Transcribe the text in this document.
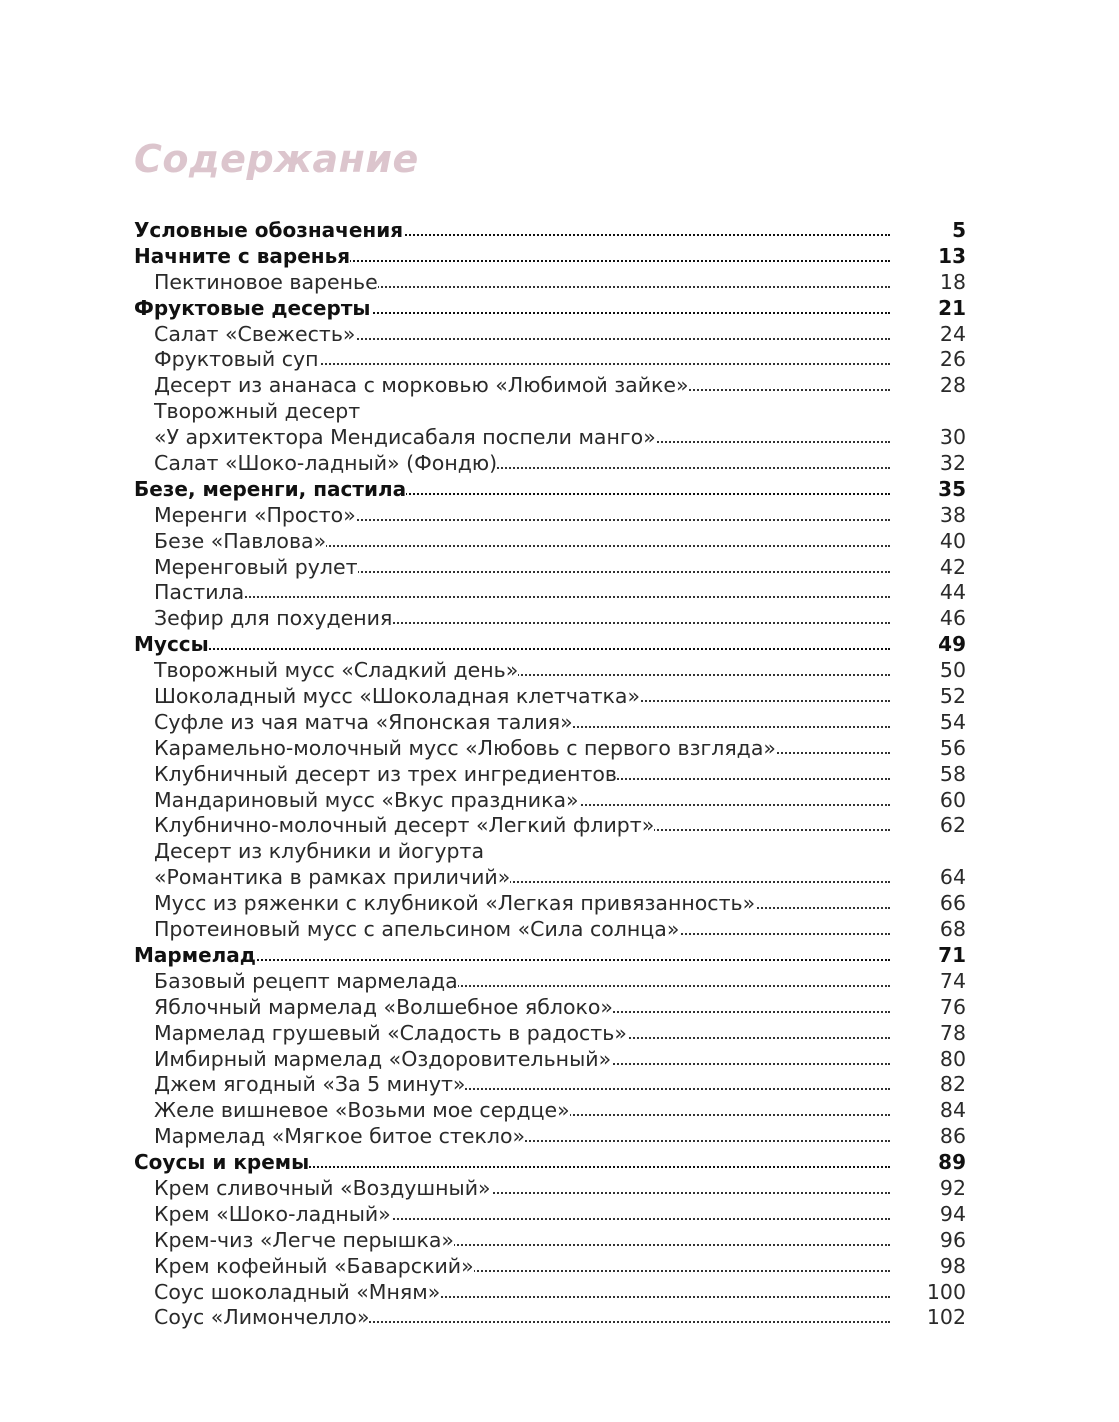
Содержание
Условные обозначения	5
Начните с варенья	13
Пектиновое варенье	18
Фруктовые десерты	21
Салат «Свежесть»	24
Фруктовый суп	26
Десерт из ананаса с морковью «Любимой зайке»	28
Творожный десерт
«У архитектора Мендисабаля поспели манго»	30
Салат «Шоко-ладный» (Фондю)	32
Безе, меренги, пастила	35
Меренги «Просто»	38
Безе «Павлова»	40
Меренговый рулет	42
Пастила	44
Зефир для похудения	46
Муссы	49
Творожный мусс «Сладкий день»	50
Шоколадный мусс «Шоколадная клетчатка»	52
Суфле из чая матча «Японская талия»	54
Карамельно-молочный мусс «Любовь с первого взгляда»	56
Клубничный десерт из трех ингредиентов	58
Мандариновый мусс «Вкус праздника»	60
Клубнично-молочный десерт «Легкий флирт»	62
Десерт из клубники и йогурта
«Романтика в рамках приличий»	64
Мусс из ряженки с клубникой «Легкая привязанность»	66
Протеиновый мусс с апельсином «Сила солнца»	68
Мармелад	71
Базовый рецепт мармелада	74
Яблочный мармелад «Волшебное яблоко»	76
Мармелад грушевый «Сладость в радость»	78
Имбирный мармелад «Оздоровительный»	80
Джем ягодный «За 5 минут»	82
Желе вишневое «Возьми мое сердце»	84
Мармелад «Мягкое битое стекло»	86
Соусы и кремы	89
Крем сливочный «Воздушный»	92
Крем «Шоко-ладный»	94
Крем-чиз «Легче перышка»	96
Крем кофейный «Баварский»	98
Соус шоколадный «Мням»	100
Соус «Лимончелло»	102
